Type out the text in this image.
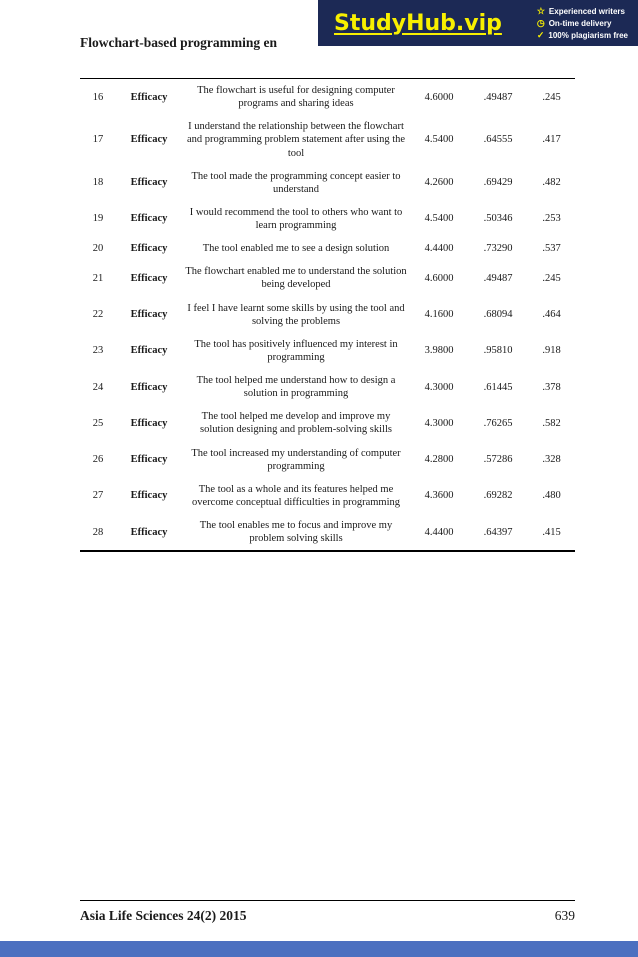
StudyHub.vip	☆ Experienced writers
◷ On-time delivery
✓ 100% plagiarism free
Flowchart-based programming en
16	Efficacy	The flowchart is useful for designing computer programs and sharing ideas	4.6000	.49487	.245
17	Efficacy	I understand the relationship between the flowchart and programming problem statement after using the tool	4.5400	.64555	.417
18	Efficacy	The tool made the programming concept easier to understand	4.2600	.69429	.482
19	Efficacy	I would recommend the tool to others who want to learn programming	4.5400	.50346	.253
20	Efficacy	The tool enabled me to see a design solution	4.4400	.73290	.537
21	Efficacy	The flowchart enabled me to understand the solution being developed	4.6000	.49487	.245
22	Efficacy	I feel I have learnt some skills by using the tool and solving the problems	4.1600	.68094	.464
23	Efficacy	The tool has positively influenced my interest in programming	3.9800	.95810	.918
24	Efficacy	The tool helped me understand how to design a solution in programming	4.3000	.61445	.378
25	Efficacy	The tool helped me develop and improve my solution designing and problem-solving skills	4.3000	.76265	.582
26	Efficacy	The tool increased my understanding of computer programming	4.2800	.57286	.328
27	Efficacy	The tool as a whole and its features helped me overcome conceptual difficulties in programming	4.3600	.69282	.480
28	Efficacy	The tool enables me to focus and improve my problem solving skills	4.4400	.64397	.415
Asia Life Sciences 24(2) 2015	639
